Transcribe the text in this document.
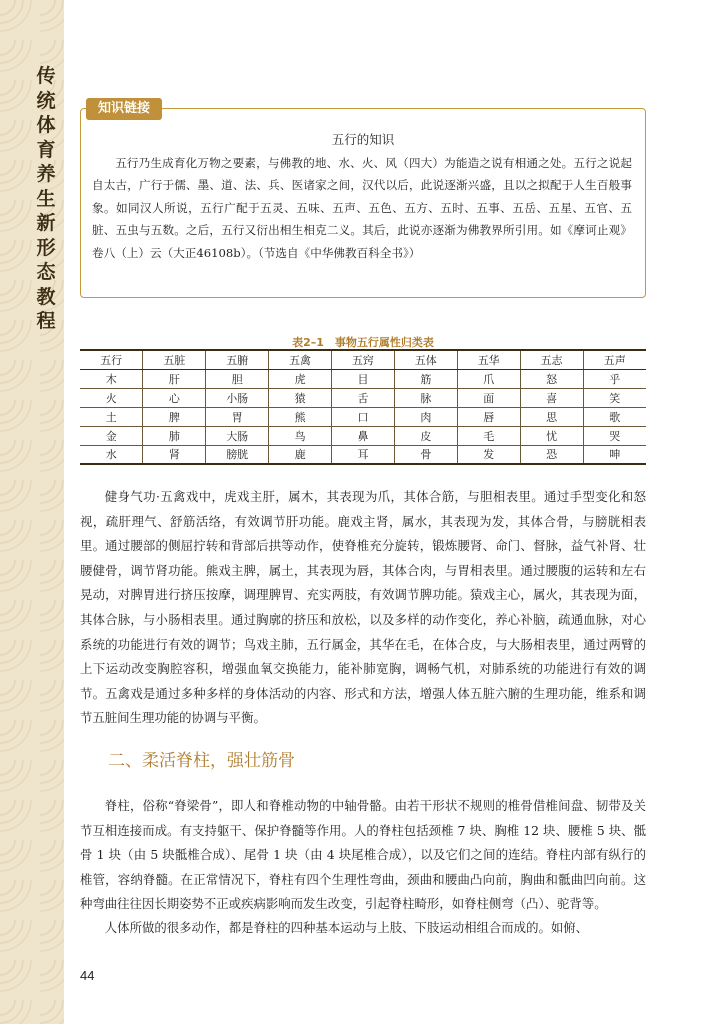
传
统
体
育
养
生
新
形
态
教
程
知识链接
五行的知识
五行乃生成育化万物之要素，与佛教的地、水、火、风（四大）为能造之说有相通之处。五行之说起自太古，广行于儒、墨、道、法、兵、医诸家之间，汉代以后，此说逐渐兴盛，且以之拟配于人生百般事象。如同汉人所说，五行广配于五灵、五味、五声、五色、五方、五时、五事、五岳、五星、五官、五脏、五虫与五数。之后，五行又衍出相生相克二义。其后，此说亦逐渐为佛教界所引用。如《摩诃止观》卷八（上）云（大正46108b）。（节选自《中华佛教百科全书》）
表2–1　事物五行属性归类表
五行	五脏	五腑	五禽	五窍	五体	五华	五志	五声
木	肝	胆	虎	目	筋	爪	怒	乎
火	心	小肠	猿	舌	脉	面	喜	笑
土	脾	胃	熊	口	肉	唇	思	歌
金	肺	大肠	鸟	鼻	皮	毛	忧	哭
水	肾	膀胱	鹿	耳	骨	发	恐	呻
健身气功·五禽戏中，虎戏主肝，属木，其表现为爪，其体合筋，与胆相表里。通过手型变化和怒视，疏肝理气、舒筋活络，有效调节肝功能。鹿戏主肾，属水，其表现为发，其体合骨，与膀胱相表里。通过腰部的侧屈拧转和背部后拱等动作，使脊椎充分旋转，锻炼腰肾、命门、督脉，益气补肾、壮腰健骨，调节肾功能。熊戏主脾，属土，其表现为唇，其体合肉，与胃相表里。通过腰腹的运转和左右晃动，对脾胃进行挤压按摩，调理脾胃、充实两肢，有效调节脾功能。猿戏主心，属火，其表现为面，其体合脉，与小肠相表里。通过胸廓的挤压和放松，以及多样的动作变化，养心补脑，疏通血脉，对心系统的功能进行有效的调节；鸟戏主肺，五行属金，其华在毛，在体合皮，与大肠相表里，通过两臂的上下运动改变胸腔容积，增强血氧交换能力，能补肺宽胸，调畅气机，对肺系统的功能进行有效的调节。五禽戏是通过多种多样的身体活动的内容、形式和方法，增强人体五脏六腑的生理功能，维系和调节五脏间生理功能的协调与平衡。
二、柔活脊柱，强壮筋骨
脊柱，俗称“脊梁骨”，即人和脊椎动物的中轴骨骼。由若干形状不规则的椎骨借椎间盘、韧带及关节互相连接而成。有支持躯干、保护脊髓等作用。人的脊柱包括颈椎 7 块、胸椎 12 块、腰椎 5 块、骶骨 1 块（由 5 块骶椎合成）、尾骨 1 块（由 4 块尾椎合成），以及它们之间的连结。脊柱内部有纵行的椎管，容纳脊髓。在正常情况下，脊柱有四个生理性弯曲，颈曲和腰曲凸向前，胸曲和骶曲凹向前。这种弯曲往往因长期姿势不正或疾病影响而发生改变，引起脊柱畸形，如脊柱侧弯（凸）、驼背等。
人体所做的很多动作，都是脊柱的四种基本运动与上肢、下肢运动相组合而成的。如俯、
44
